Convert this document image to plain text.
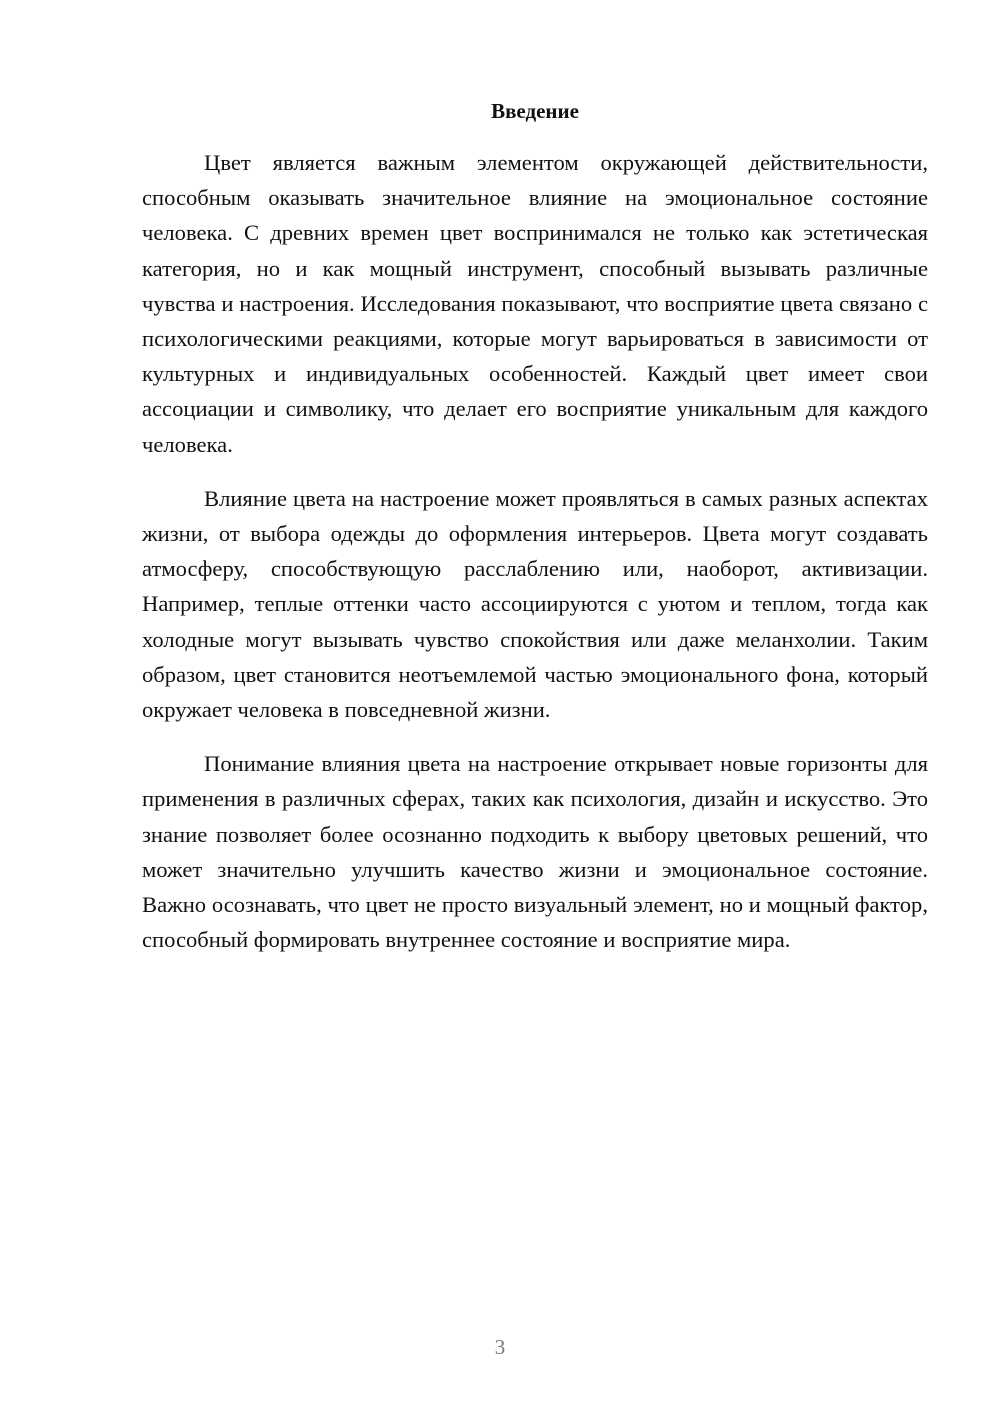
Введение

Цвет является важным элементом окружающей действительности, способным оказывать значительное влияние на эмоциональное состояние человека. С древних времен цвет воспринимался не только как эстетическая категория, но и как мощный инструмент, способный вызывать различные чувства и настроения. Исследования показывают, что восприятие цвета связано с психологическими реакциями, которые могут варьироваться в зависимости от культурных и индивидуальных особенностей. Каждый цвет имеет свои ассоциации и символику, что делает его восприятие уникальным для каждого человека.

Влияние цвета на настроение может проявляться в самых разных аспектах жизни, от выбора одежды до оформления интерьеров. Цвета могут создавать атмосферу, способствующую расслаблению или, наоборот, активизации. Например, теплые оттенки часто ассоциируются с уютом и теплом, тогда как холодные могут вызывать чувство спокойствия или даже меланхолии. Таким образом, цвет становится неотъемлемой частью эмоционального фона, который окружает человека в повседневной жизни.

Понимание влияния цвета на настроение открывает новые горизонты для применения в различных сферах, таких как психология, дизайн и искусство. Это знание позволяет более осознанно подходить к выбору цветовых решений, что может значительно улучшить качество жизни и эмоциональное состояние. Важно осознавать, что цвет не просто визуальный элемент, но и мощный фактор, способный формировать внутреннее состояние и восприятие мира.

3
